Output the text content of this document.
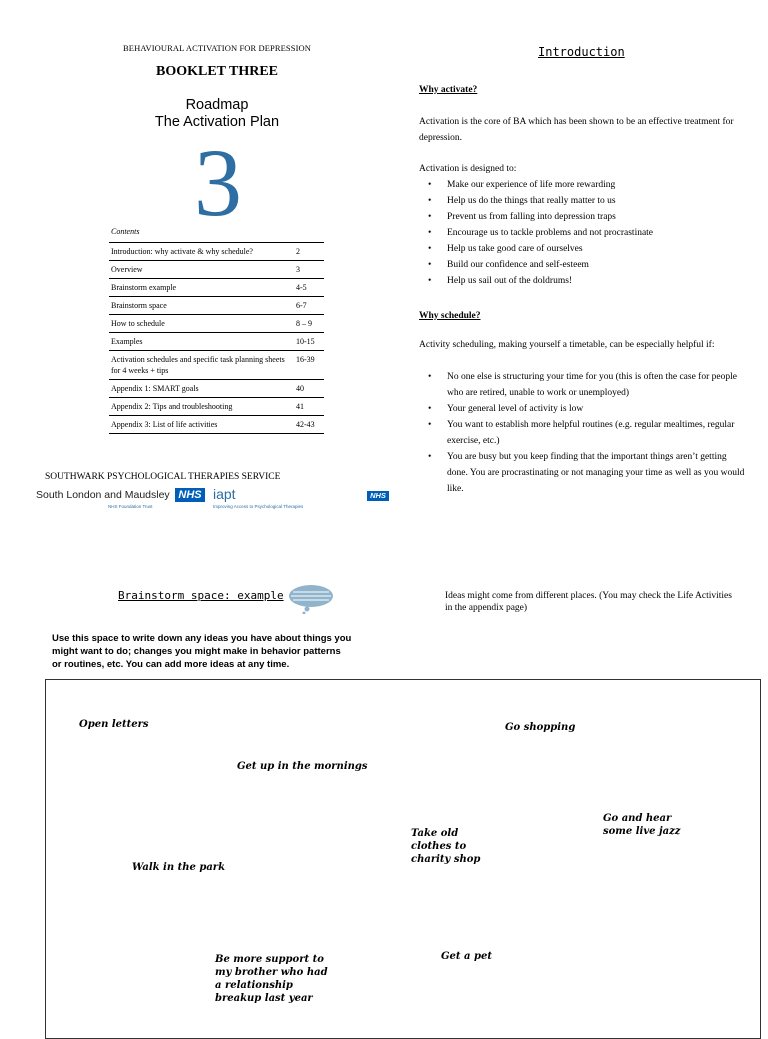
BEHAVIOURAL ACTIVATION FOR DEPRESSION
BOOKLET THREE
Roadmap
The Activation Plan
3
Contents
Introduction: why activate & why schedule?	2
Overview	3
Brainstorm example	4-5
Brainstorm space	6-7
How to schedule	8 – 9
Examples	10-15
Activation schedules and specific task planning sheets for 4 weeks + tips	16-39
Appendix 1: SMART goals	40
Appendix 2: Tips and troubleshooting	41
Appendix 3: List of life activities	42-43
SOUTHWARK PSYCHOLOGICAL THERAPIES SERVICE
South London and Maudsley
NHS Foundation Trust
NHS iapt
Improving Access to Psychological Therapies
NHS
Introduction
Why activate?
Activation is the core of BA which has been shown to be an effective treatment for depression.
Activation is designed to:
• Make our experience of life more rewarding
• Help us do the things that really matter to us
• Prevent us from falling into depression traps
• Encourage us to tackle problems and not procrastinate
• Help us take good care of ourselves
• Build our confidence and self-esteem
• Help us sail out of the doldrums!
Why schedule?
Activity scheduling, making yourself a timetable, can be especially helpful if:
• No one else is structuring your time for you (this is often the case for people who are retired, unable to work or unemployed)
• Your general level of activity is low
• You want to establish more helpful routines (e.g. regular mealtimes, regular exercise, etc.)
• You are busy but you keep finding that the important things aren’t getting done. You are procrastinating or not managing your time as well as you would like.
Brainstorm space: example	Ideas might come from different places. (You may check the Life Activities in the appendix page)
Use this space to write down any ideas you have about things you might want to do; changes you might make in behavior patterns or routines, etc. You can add more ideas at any time.
Open letters	Go shopping
Get up in the mornings
Go and hear some live jazz
Take old clothes to charity shop
Walk in the park
Be more support to my brother who had a relationship breakup last year
Get a pet
